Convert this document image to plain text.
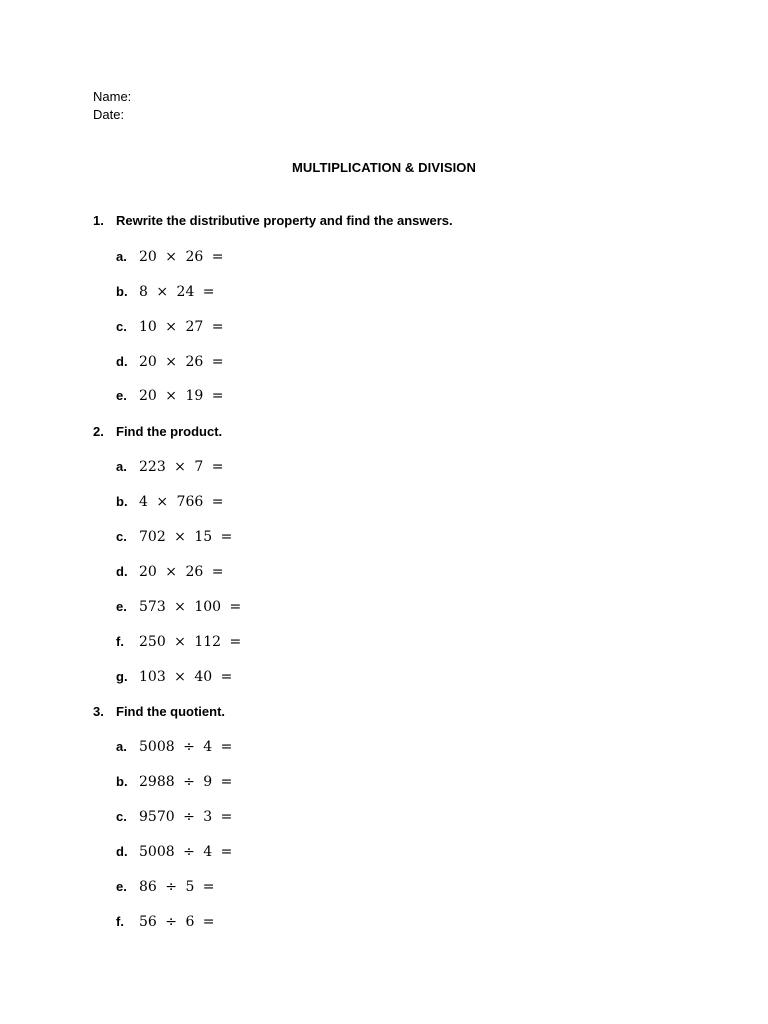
Name:
Date:
MULTIPLICATION & DIVISION
1. Rewrite the distributive property and find the answers.
a. 20 × 26 =
b. 8 × 24 =
c. 10 × 27 =
d. 20 × 26 =
e. 20 × 19 =
2. Find the product.
a. 223 × 7 =
b. 4 × 766 =
c. 702 × 15 =
d. 20 × 26 =
e. 573 × 100 =
f. 250 × 112 =
g. 103 × 40 =
3. Find the quotient.
a. 5008 ÷ 4 =
b. 2988 ÷ 9 =
c. 9570 ÷ 3 =
d. 5008 ÷ 4 =
e. 86 ÷ 5 =
f. 56 ÷ 6 =
